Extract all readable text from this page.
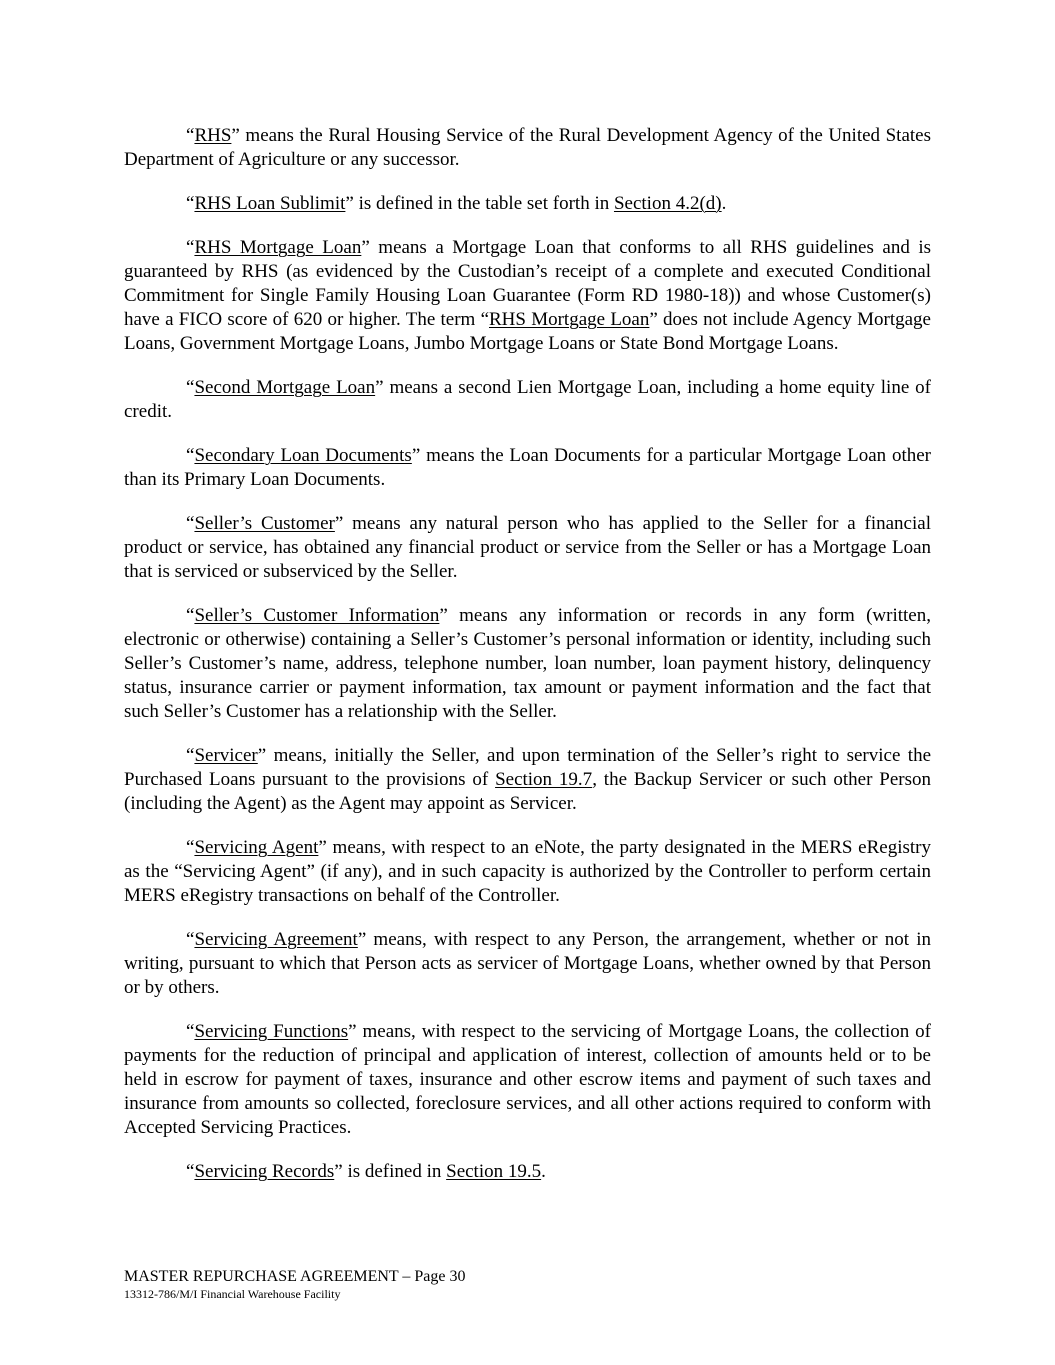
“RHS” means the Rural Housing Service of the Rural Development Agency of the United States Department of Agriculture or any successor.

“RHS Loan Sublimit” is defined in the table set forth in Section 4.2(d).

“RHS Mortgage Loan” means a Mortgage Loan that conforms to all RHS guidelines and is guaranteed by RHS (as evidenced by the Custodian’s receipt of a complete and executed Conditional Commitment for Single Family Housing Loan Guarantee (Form RD 1980-18)) and whose Customer(s) have a FICO score of 620 or higher. The term “RHS Mortgage Loan” does not include Agency Mortgage Loans, Government Mortgage Loans, Jumbo Mortgage Loans or State Bond Mortgage Loans.

“Second Mortgage Loan” means a second Lien Mortgage Loan, including a home equity line of credit.

“Secondary Loan Documents” means the Loan Documents for a particular Mortgage Loan other than its Primary Loan Documents.

“Seller’s Customer” means any natural person who has applied to the Seller for a financial product or service, has obtained any financial product or service from the Seller or has a Mortgage Loan that is serviced or subserviced by the Seller.

“Seller’s Customer Information” means any information or records in any form (written, electronic or otherwise) containing a Seller’s Customer’s personal information or identity, including such Seller’s Customer’s name, address, telephone number, loan number, loan payment history, delinquency status, insurance carrier or payment information, tax amount or payment information and the fact that such Seller’s Customer has a relationship with the Seller.

“Servicer” means, initially the Seller, and upon termination of the Seller’s right to service the Purchased Loans pursuant to the provisions of Section 19.7, the Backup Servicer or such other Person (including the Agent) as the Agent may appoint as Servicer.

“Servicing Agent” means, with respect to an eNote, the party designated in the MERS eRegistry as the “Servicing Agent” (if any), and in such capacity is authorized by the Controller to perform certain MERS eRegistry transactions on behalf of the Controller.

“Servicing Agreement” means, with respect to any Person, the arrangement, whether or not in writing, pursuant to which that Person acts as servicer of Mortgage Loans, whether owned by that Person or by others.

“Servicing Functions” means, with respect to the servicing of Mortgage Loans, the collection of payments for the reduction of principal and application of interest, collection of amounts held or to be held in escrow for payment of taxes, insurance and other escrow items and payment of such taxes and insurance from amounts so collected, foreclosure services, and all other actions required to conform with Accepted Servicing Practices.

“Servicing Records” is defined in Section 19.5.

MASTER REPURCHASE AGREEMENT – Page 30
13312-786/M/I Financial Warehouse Facility
